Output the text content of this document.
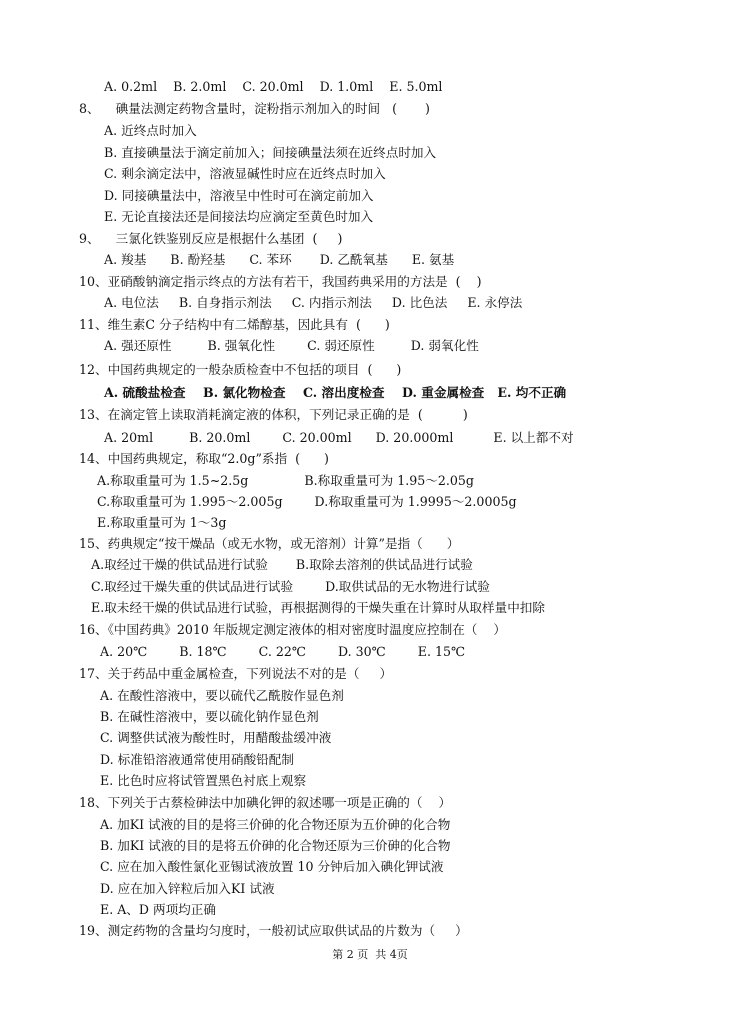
A. 0.2ml    B. 2.0ml    C. 20.0ml    D. 1.0ml    E. 5.0ml
8、    碘量法测定药物含量时，淀粉指示剂加入的时间   (       )
A. 近终点时加入
B. 直接碘量法于滴定前加入；间接碘量法须在近终点时加入
C. 剩余滴定法中，溶液显碱性时应在近终点时加入
D. 同接碘量法中，溶液呈中性时可在滴定前加入
E. 无论直接法还是间接法均应滴定至黄色时加入
9、    三氯化铁鉴别反应是根据什么基团  (     )
A. 羧基      B. 酚羟基      C. 苯环       D. 乙酰氧基      E. 氨基
10、亚硝酸钠滴定指示终点的方法有若干，我国药典采用的方法是  (    )
A. 电位法     B. 自身指示剂法     C. 内指示剂法     D. 比色法     E. 永停法
11、维生素C 分子结构中有二烯醇基，因此具有  (      )
A. 强还原性         B. 强氧化性        C. 弱还原性         D. 弱氧化性
12、中国药典规定的一般杂质检查中不包括的项目  (      )
A. 硫酸盐检查    B. 氯化物检查    C. 溶出度检查    D. 重金属检查   E. 均不正确
13、在滴定管上读取消耗滴定液的体积，下列记录正确的是  (          )
A. 20ml         B. 20.0ml        C. 20.00ml      D. 20.000ml          E. 以上都不对
14、中国药典规定，称取“2.0g”系指  (      )
A.称取重量可为 1.5~2.5g              B.称取重量可为 1.95～2.05g
C.称取重量可为 1.995～2.005g        D.称取重量可为 1.9995～2.0005g
E.称取重量可为 1～3g
15、药典规定“按干燥品（或无水物，或无溶剂）计算”是指（      ）
A.取经过干燥的供试品进行试验       B.取除去溶剂的供试品进行试验
C.取经过干燥失重的供试品进行试验        D.取供试品的无水物进行试验
E.取未经干燥的供试品进行试验，再根据测得的干燥失重在计算时从取样量中扣除
16、《中国药典》2010 年版规定测定液体的相对密度时温度应控制在（    ）
A. 20℃        B. 18℃        C. 22℃        D. 30℃        E. 15℃
17、关于药品中重金属检查，下列说法不对的是（     ）
A. 在酸性溶液中，要以硫代乙酰胺作显色剂
B. 在碱性溶液中，要以硫化钠作显色剂
C. 调整供试液为酸性时，用醋酸盐缓冲液
D. 标准铅溶液通常使用硝酸铅配制
E. 比色时应将试管置黑色衬底上观察
18、下列关于古蔡检砷法中加碘化钾的叙述哪一项是正确的（    ）
A. 加KI 试液的目的是将三价砷的化合物还原为五价砷的化合物
B. 加KI 试液的目的是将五价砷的化合物还原为三价砷的化合物
C. 应在加入酸性氯化亚锡试液放置 10 分钟后加入碘化钾试液
D. 应在加入锌粒后加入KI 试液
E. A、D 两项均正确
19、测定药物的含量均匀度时，一般初试应取供试品的片数为（     ）
第 2 页  共 4页
